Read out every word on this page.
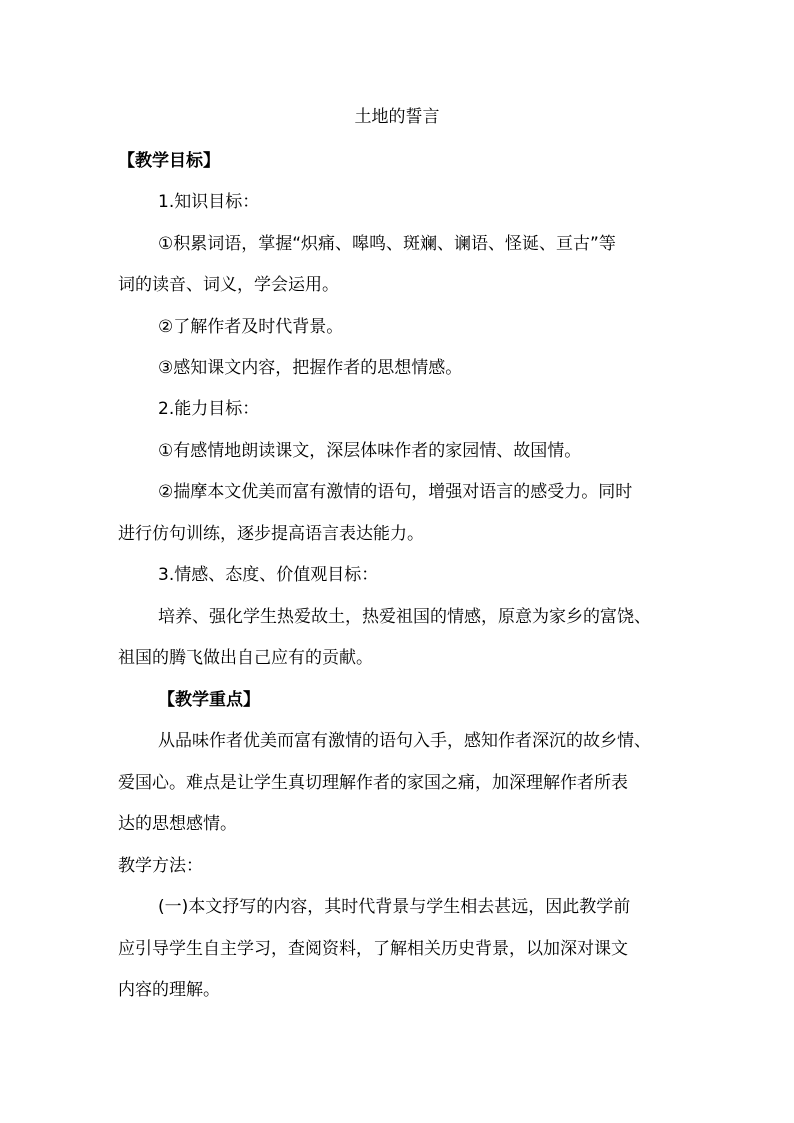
土地的誓言

【教学目标】

1.知识目标：

①积累词语，掌握“炽痛、嗥鸣、斑斓、谰语、怪诞、亘古”等

词的读音、词义，学会运用。

②了解作者及时代背景。

③感知课文内容，把握作者的思想情感。

2.能力目标：

①有感情地朗读课文，深层体味作者的家园情、故国情。

②揣摩本文优美而富有激情的语句，增强对语言的感受力。同时

进行仿句训练，逐步提高语言表达能力。

3.情感、态度、价值观目标：

培养、强化学生热爱故土，热爱祖国的情感，原意为家乡的富饶、

祖国的腾飞做出自己应有的贡献。

【教学重点】

从品味作者优美而富有激情的语句入手，感知作者深沉的故乡情、

爱国心。难点是让学生真切理解作者的家国之痛，加深理解作者所表

达的思想感情。

教学方法：

(一)本文抒写的内容，其时代背景与学生相去甚远，因此教学前

应引导学生自主学习，查阅资料，了解相关历史背景，以加深对课文

内容的理解。
